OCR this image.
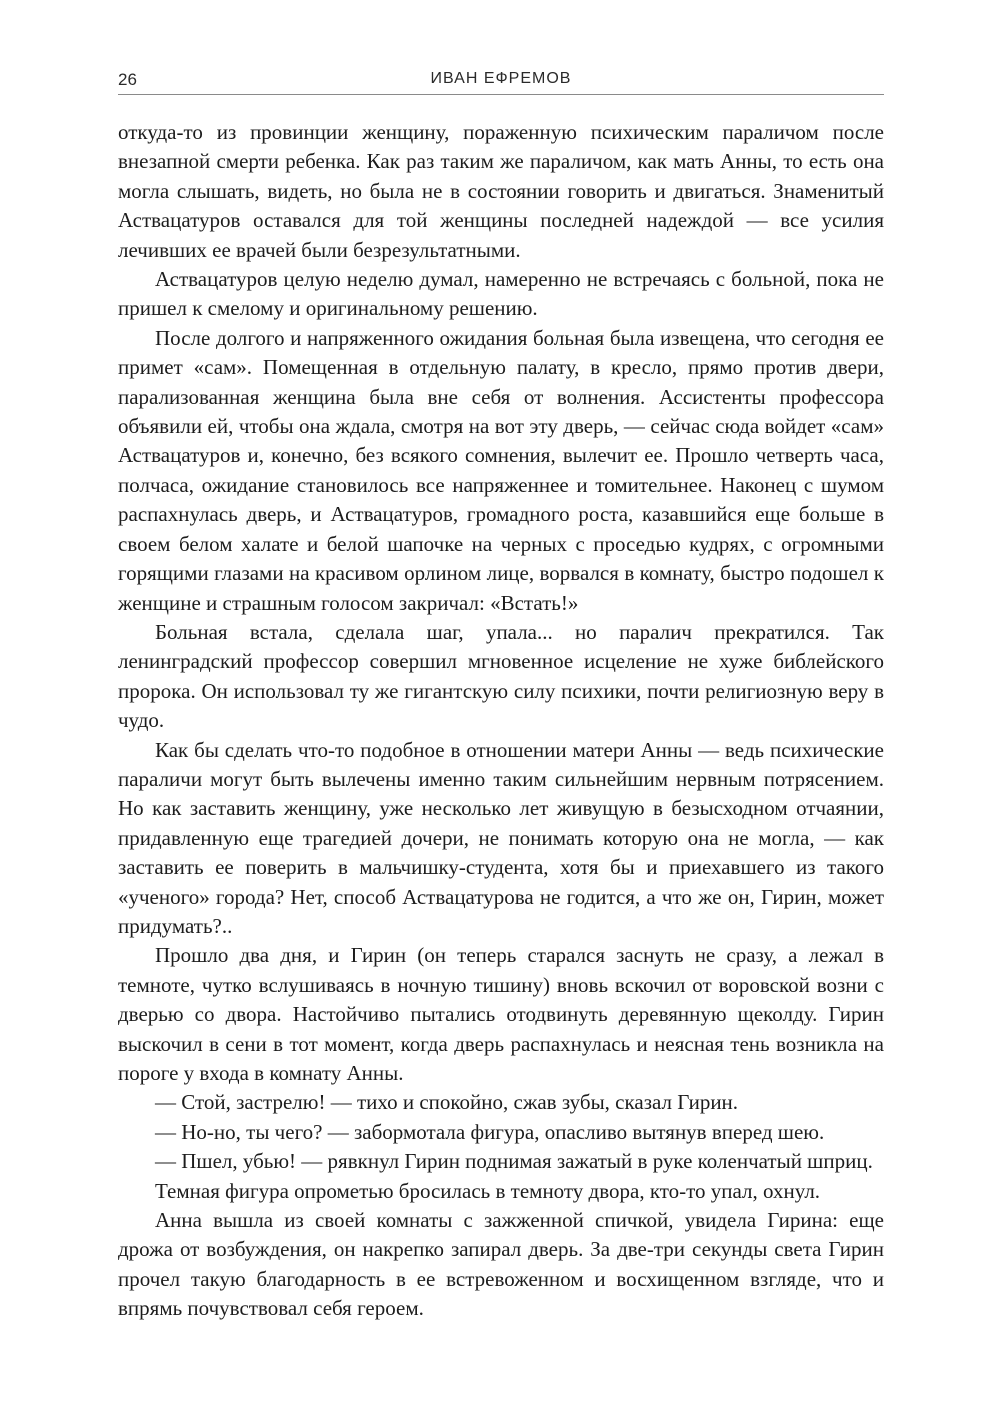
26	ИВАН ЕФРЕМОВ

откуда-то из провинции женщину, пораженную психическим параличом после внезапной смерти ребенка. Как раз таким же параличом, как мать Анны, то есть она могла слышать, видеть, но была не в состоянии говорить и двигаться. Знаменитый Аствацатуров оставался для той женщины последней надеждой — все усилия лечивших ее врачей были безрезультатными.

Аствацатуров целую неделю думал, намеренно не встречаясь с больной, пока не пришел к смелому и оригинальному решению.

После долгого и напряженного ожидания больная была извещена, что сегодня ее примет «сам». Помещенная в отдельную палату, в кресло, прямо против двери, парализованная женщина была вне себя от волнения. Ассистенты профессора объявили ей, чтобы она ждала, смотря на вот эту дверь, — сейчас сюда войдет «сам» Аствацатуров и, конечно, без всякого сомнения, вылечит ее. Прошло четверть часа, полчаса, ожидание становилось все напряженнее и томительнее. Наконец с шумом распахнулась дверь, и Аствацатуров, громадного роста, казавшийся еще больше в своем белом халате и белой шапочке на черных с проседью кудрях, с огромными горящими глазами на красивом орлином лице, ворвался в комнату, быстро подошел к женщине и страшным голосом закричал: «Встать!»

Больная встала, сделала шаг, упала... но паралич прекратился. Так ленинградский профессор совершил мгновенное исцеление не хуже библейского пророка. Он использовал ту же гигантскую силу психики, почти религиозную веру в чудо.

Как бы сделать что-то подобное в отношении матери Анны — ведь психические параличи могут быть вылечены именно таким сильнейшим нервным потрясением. Но как заставить женщину, уже несколько лет живущую в безысходном отчаянии, придавленную еще трагедией дочери, не понимать которую она не могла, — как заставить ее поверить в мальчишку-студента, хотя бы и приехавшего из такого «ученого» города? Нет, способ Аствацатурова не годится, а что же он, Гирин, может придумать?..

Прошло два дня, и Гирин (он теперь старался заснуть не сразу, а лежал в темноте, чутко вслушиваясь в ночную тишину) вновь вскочил от воровской возни с дверью со двора. Настойчиво пытались отодвинуть деревянную щеколду. Гирин выскочил в сени в тот момент, когда дверь распахнулась и неясная тень возникла на пороге у входа в комнату Анны.

— Стой, застрелю! — тихо и спокойно, сжав зубы, сказал Гирин.

— Но-но, ты чего? — забормотала фигура, опасливо вытянув вперед шею.

— Пшел, убью! — рявкнул Гирин поднимая зажатый в руке коленчатый шприц.

Темная фигура опрометью бросилась в темноту двора, кто-то упал, охнул.

Анна вышла из своей комнаты с зажженной спичкой, увидела Гирина: еще дрожа от возбуждения, он накрепко запирал дверь. За две-три секунды света Гирин прочел такую благодарность в ее встревоженном и восхищенном взгляде, что и впрямь почувствовал себя героем.
